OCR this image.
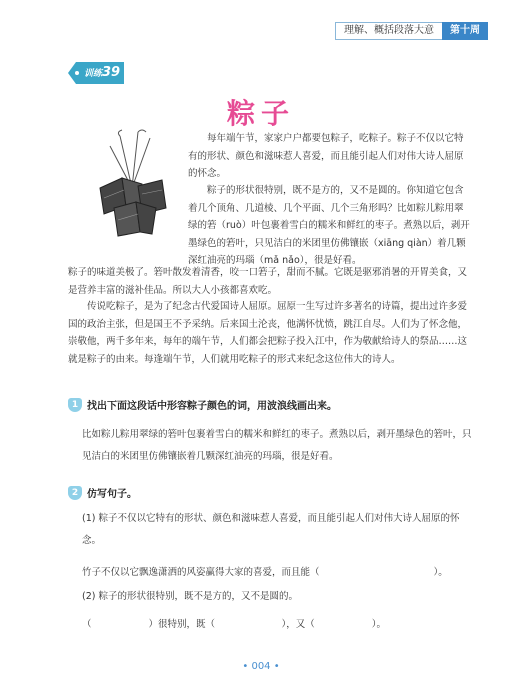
理解、概括段落大意	第十周
训练39
粽子

每年端午节，家家户户都要包粽子，吃粽子。粽子不仅以它特有的形状、颜色和滋味惹人喜爱，而且能引起人们对伟大诗人屈原的怀念。

粽子的形状很特别，既不是方的，又不是圆的。你知道它包含着几个顶角、几道棱、几个平面、几个三角形吗？比如粽儿粽用翠绿的箬（ruò）叶包裹着雪白的糯米和鲜红的枣子。煮熟以后，剥开墨绿色的箬叶，只见洁白的米团里仿佛镶嵌（xiāng qiàn）着几颗深红油亮的玛瑙（mǎ nǎo），很是好看。

粽子的味道美极了。箬叶散发着清香，咬一口箬子，甜而不腻。它既是驱邪消暑的开胃美食，又是营养丰富的滋补佳品。所以大人小孩都喜欢吃。

传说吃粽子，是为了纪念古代爱国诗人屈原。屈原一生写过许多著名的诗篇，提出过许多爱国的政治主张，但是国王不予采纳。后来国土沦丧，他满怀忧愤，跳江自尽。人们为了怀念他，崇敬他，两千多年来，每年的端午节，人们都会把粽子投入江中，作为敬献给诗人的祭品……这就是粽子的由来。每逢端午节，人们就用吃粽子的形式来纪念这位伟大的诗人。

1 找出下面这段话中形容粽子颜色的词，用波浪线画出来。

比如粽儿粽用翠绿的箬叶包裹着雪白的糯米和鲜红的枣子。煮熟以后，剥开墨绿色的箬叶，只见洁白的米团里仿佛镶嵌着几颗深红油亮的玛瑙，很是好看。

2 仿写句子。

(1) 粽子不仅以它特有的形状、颜色和滋味惹人喜爱，而且能引起人们对伟大诗人屈原的怀念。

竹子不仅以它飘逸潇洒的风姿赢得大家的喜爱，而且能（　　　　　　　　　　　　）。

(2) 粽子的形状很特别，既不是方的，又不是圆的。

（　　　　　　）很特别，既（　　　　　　　），又（　　　　　　）。

• 004 •
